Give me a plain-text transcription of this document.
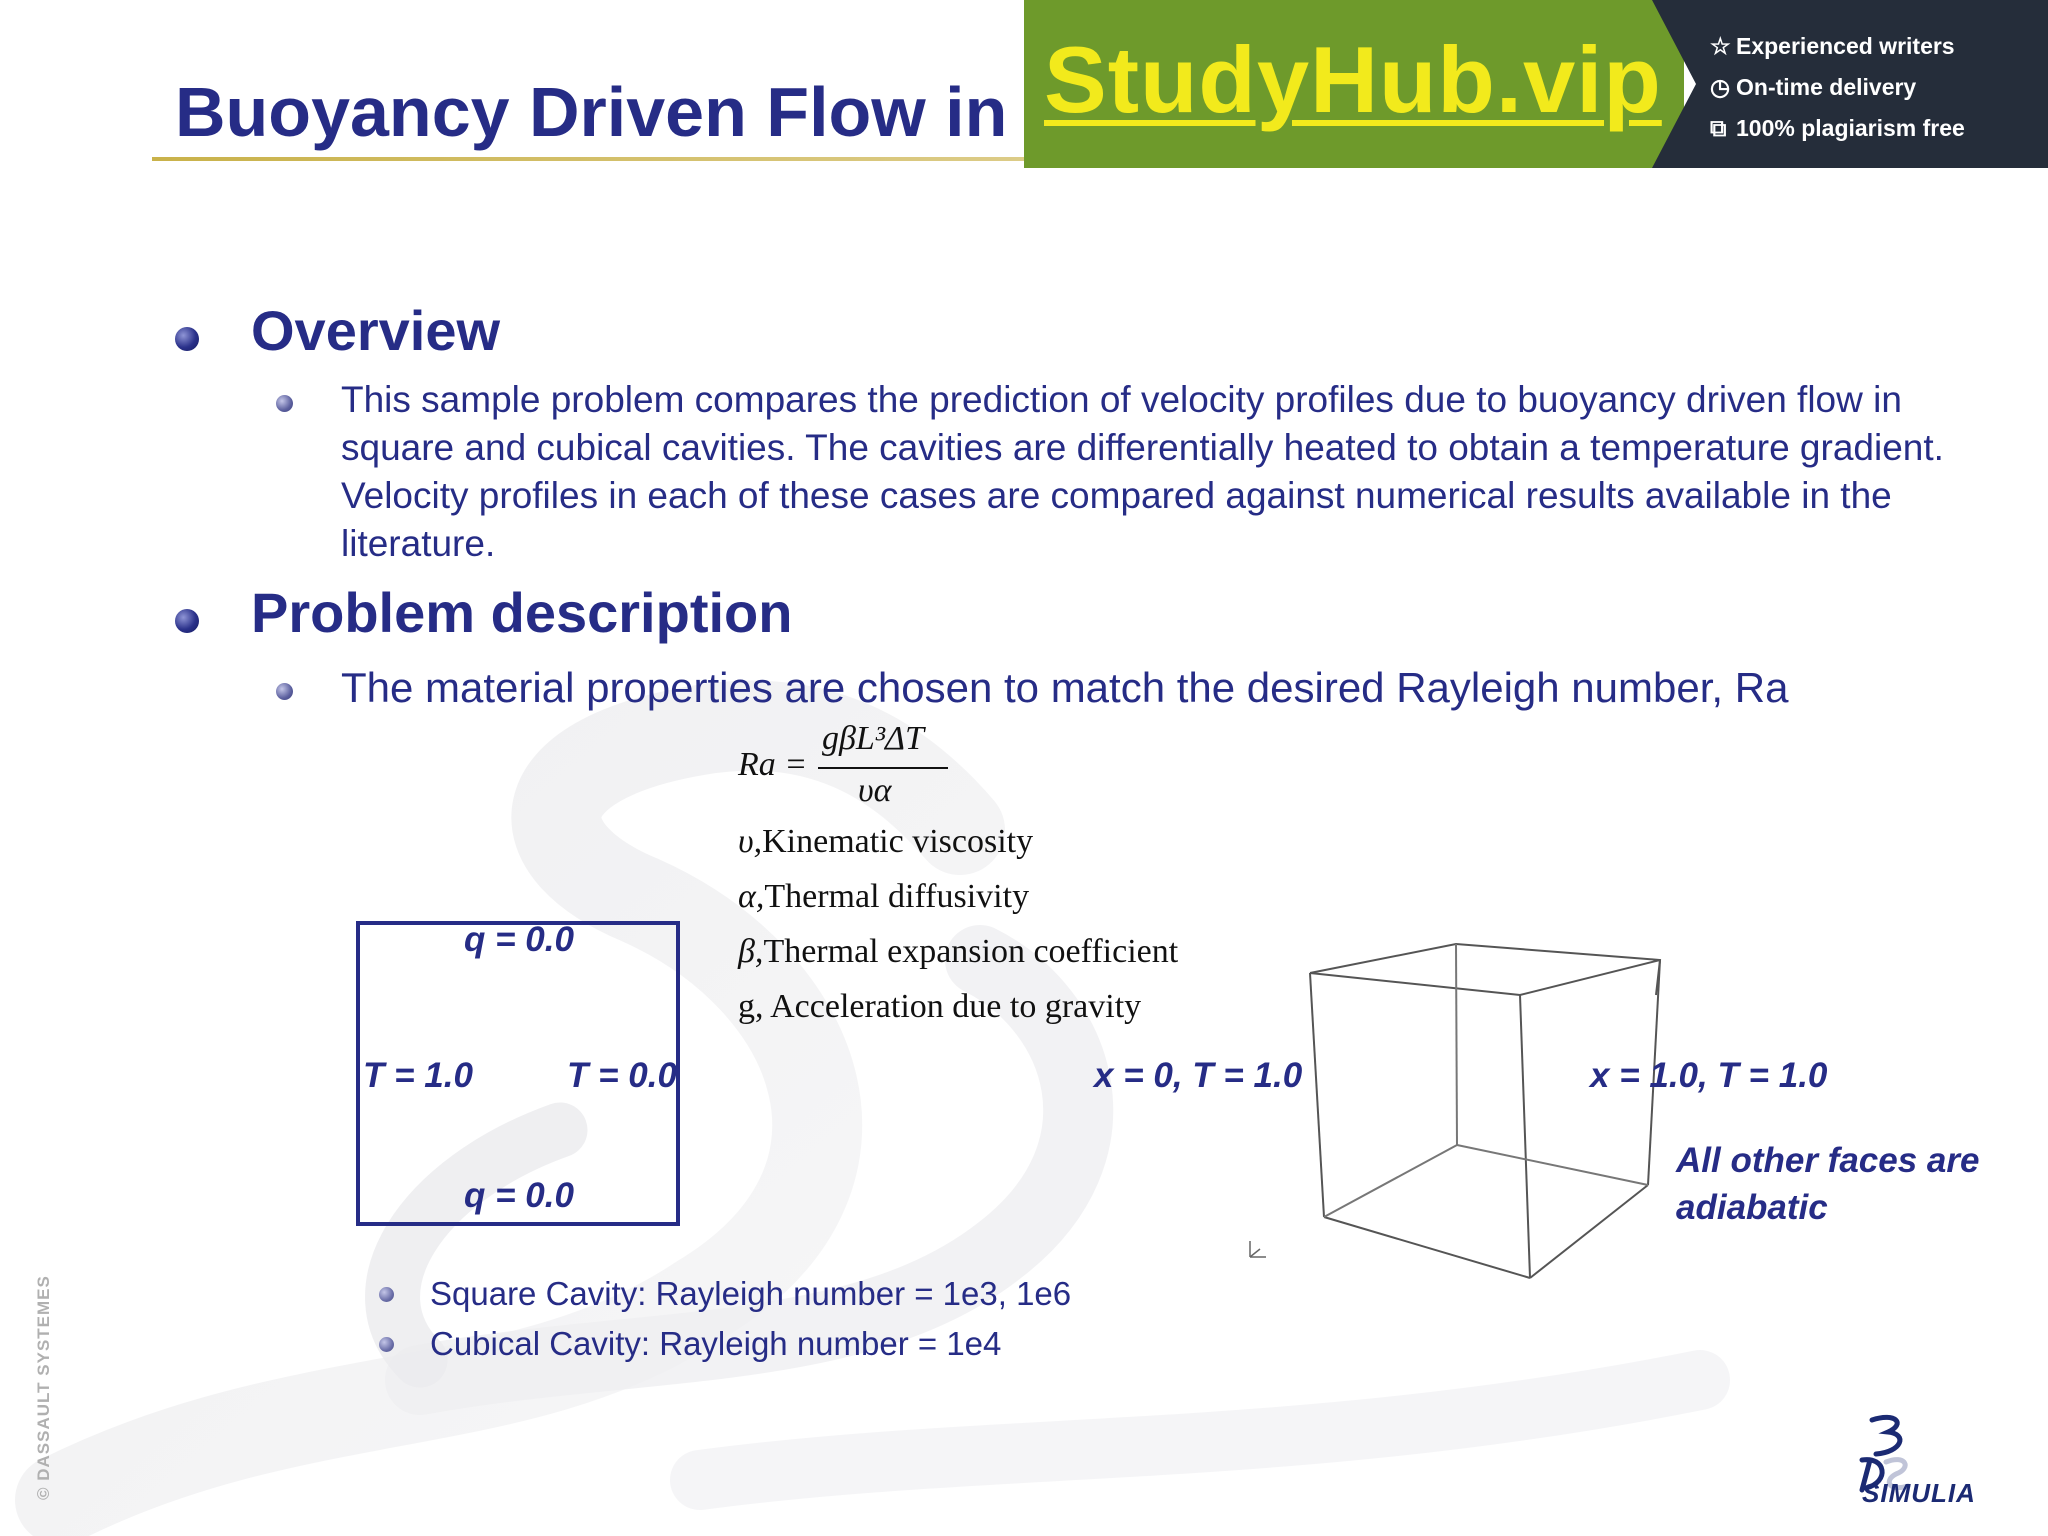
Buoyancy Driven Flow in StudyHub.vip ☆ Experienced writers
◷ On-time delivery
⧉ 100% plagiarism free
Overview

This sample problem compares the prediction of velocity profiles due to buoyancy driven flow in square and cubical cavities. The cavities are differentially heated to obtain a temperature gradient. Velocity profiles in each of these cases are compared against numerical results available in the literature.

Problem description

The material properties are chosen to match the desired Rayleigh number, Ra

Ra =
gβL³ΔT
υα
υ,Kinematic viscosity
α,Thermal diffusivity
β,Thermal expansion coefficient
g, Acceleration due to gravity
q = 0.0
T = 1.0	T = 0.0
q = 0.0
x = 0, T = 1.0	x = 1.0, T = 1.0
All other faces are
adiabatic
Square Cavity: Rayleigh number = 1e3, 1e6
Cubical Cavity: Rayleigh number = 1e4
© DASSAULT SYSTEMES	SIMULIA
